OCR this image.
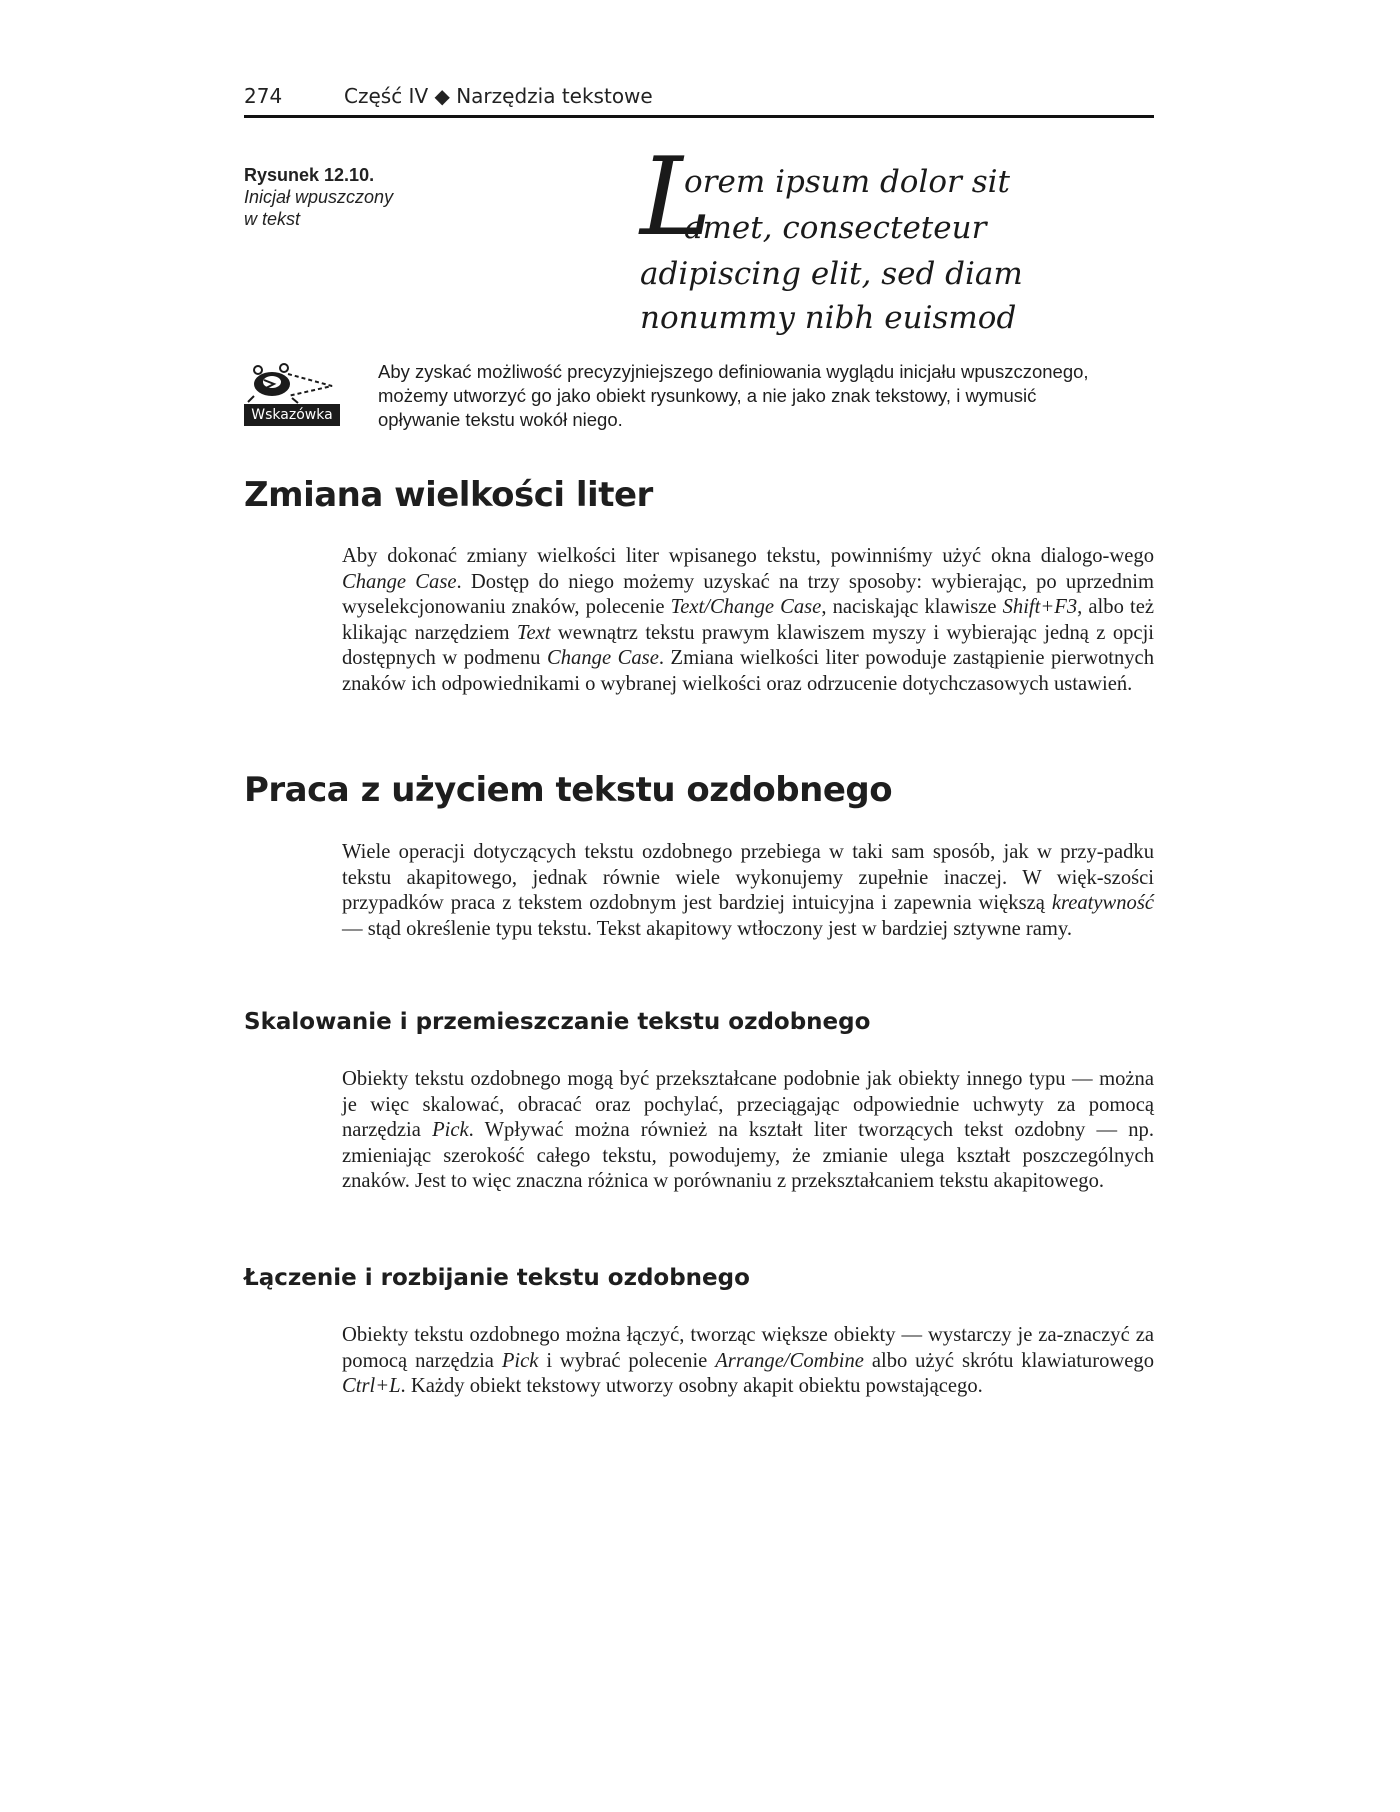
274	Część IV ◆ Narzędzia tekstowe
Rysunek 12.10.
Inicjał wpuszczony
w tekst	L
orem ipsum dolor sit
amet, consecteteur
adipiscing elit, sed diam
nonummy nibh euismod
Wskazówka
Aby zyskać możliwość precyzyjniejszego definiowania wyglądu inicjału wpuszczonego,
możemy utworzyć go jako obiekt rysunkowy, a nie jako znak tekstowy, i wymusić
opływanie tekstu wokół niego.
Zmiana wielkości liter

Aby dokonać zmiany wielkości liter wpisanego tekstu, powinniśmy użyć okna dialogo-wego Change Case. Dostęp do niego możemy uzyskać na trzy sposoby: wybierając, po uprzednim wyselekcjonowaniu znaków, polecenie Text/Change Case, naciskając klawisze Shift+F3, albo też klikając narzędziem Text wewnątrz tekstu prawym klawiszem myszy i wybierając jedną z opcji dostępnych w podmenu Change Case. Zmiana wielkości liter powoduje zastąpienie pierwotnych znaków ich odpowiednikami o wybranej wielkości oraz odrzucenie dotychczasowych ustawień.

Praca z użyciem tekstu ozdobnego

Wiele operacji dotyczących tekstu ozdobnego przebiega w taki sam sposób, jak w przy-padku tekstu akapitowego, jednak równie wiele wykonujemy zupełnie inaczej. W więk-szości przypadków praca z tekstem ozdobnym jest bardziej intuicyjna i zapewnia większą kreatywność — stąd określenie typu tekstu. Tekst akapitowy wtłoczony jest w bardziej sztywne ramy.

Skalowanie i przemieszczanie tekstu ozdobnego

Obiekty tekstu ozdobnego mogą być przekształcane podobnie jak obiekty innego typu — można je więc skalować, obracać oraz pochylać, przeciągając odpowiednie uchwyty za pomocą narzędzia Pick. Wpływać można również na kształt liter tworzących tekst ozdobny — np. zmieniając szerokość całego tekstu, powodujemy, że zmianie ulega kształt poszczególnych znaków. Jest to więc znaczna różnica w porównaniu z przekształcaniem tekstu akapitowego.

Łączenie i rozbijanie tekstu ozdobnego

Obiekty tekstu ozdobnego można łączyć, tworząc większe obiekty — wystarczy je za-znaczyć za pomocą narzędzia Pick i wybrać polecenie Arrange/Combine albo użyć skrótu klawiaturowego Ctrl+L. Każdy obiekt tekstowy utworzy osobny akapit obiektu powstającego.
